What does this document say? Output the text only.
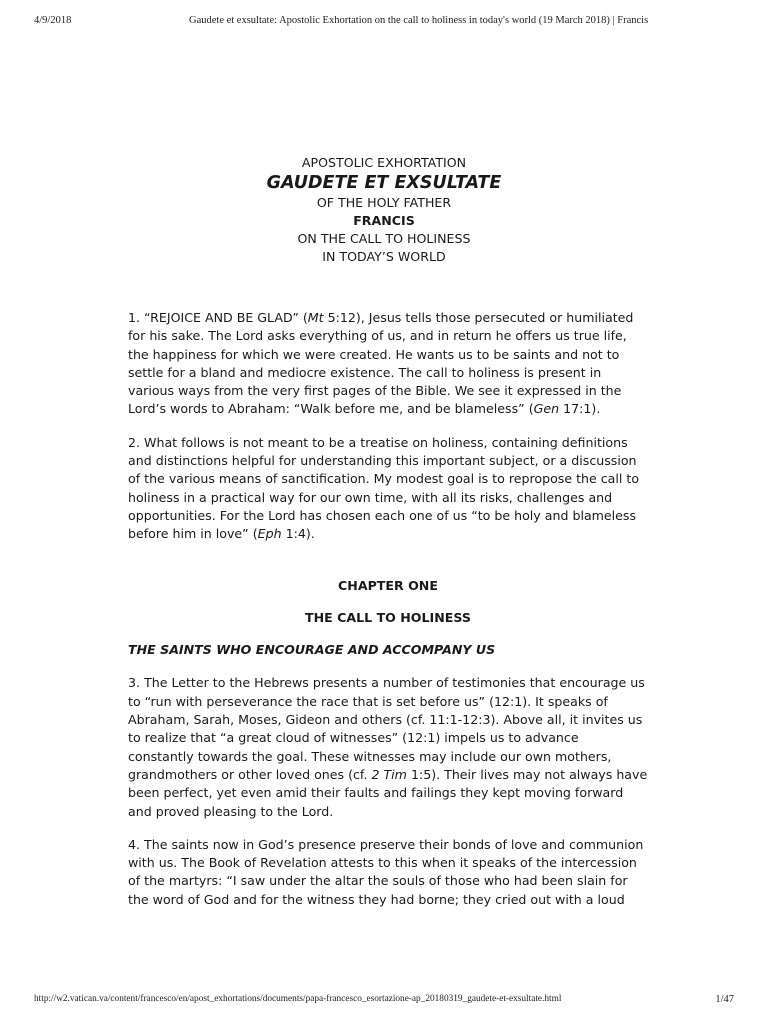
4/9/2018	Gaudete et exsultate: Apostolic Exhortation on the call to holiness in today's world (19 March 2018) | Francis
APOSTOLIC EXHORTATION
GAUDETE ET EXSULTATE
OF THE HOLY FATHER
FRANCIS
ON THE CALL TO HOLINESS
IN TODAY’S WORLD

1. “REJOICE AND BE GLAD” (Mt 5:12), Jesus tells those persecuted or humiliated for his sake. The Lord asks everything of us, and in return he offers us true life, the happiness for which we were created. He wants us to be saints and not to settle for a bland and mediocre existence. The call to holiness is present in various ways from the very first pages of the Bible. We see it expressed in the Lord’s words to Abraham: “Walk before me, and be blameless” (Gen 17:1).

2. What follows is not meant to be a treatise on holiness, containing definitions and distinctions helpful for understanding this important subject, or a discussion of the various means of sanctification. My modest goal is to repropose the call to holiness in a practical way for our own time, with all its risks, challenges and opportunities. For the Lord has chosen each one of us “to be holy and blameless before him in love” (Eph 1:4).

CHAPTER ONE

THE CALL TO HOLINESS

THE SAINTS WHO ENCOURAGE AND ACCOMPANY US

3. The Letter to the Hebrews presents a number of testimonies that encourage us to “run with perseverance the race that is set before us” (12:1). It speaks of Abraham, Sarah, Moses, Gideon and others (cf. 11:1-12:3). Above all, it invites us to realize that “a great cloud of witnesses” (12:1) impels us to advance constantly towards the goal. These witnesses may include our own mothers, grandmothers or other loved ones (cf. 2 Tim 1:5). Their lives may not always have been perfect, yet even amid their faults and failings they kept moving forward and proved pleasing to the Lord.

4. The saints now in God’s presence preserve their bonds of love and communion with us. The Book of Revelation attests to this when it speaks of the intercession of the martyrs: “I saw under the altar the souls of those who had been slain for the word of God and for the witness they had borne; they cried out with a loud

http://w2.vatican.va/content/francesco/en/apost_exhortations/documents/papa-francesco_esortazione-ap_20180319_gaudete-et-exsultate.html	1/47
